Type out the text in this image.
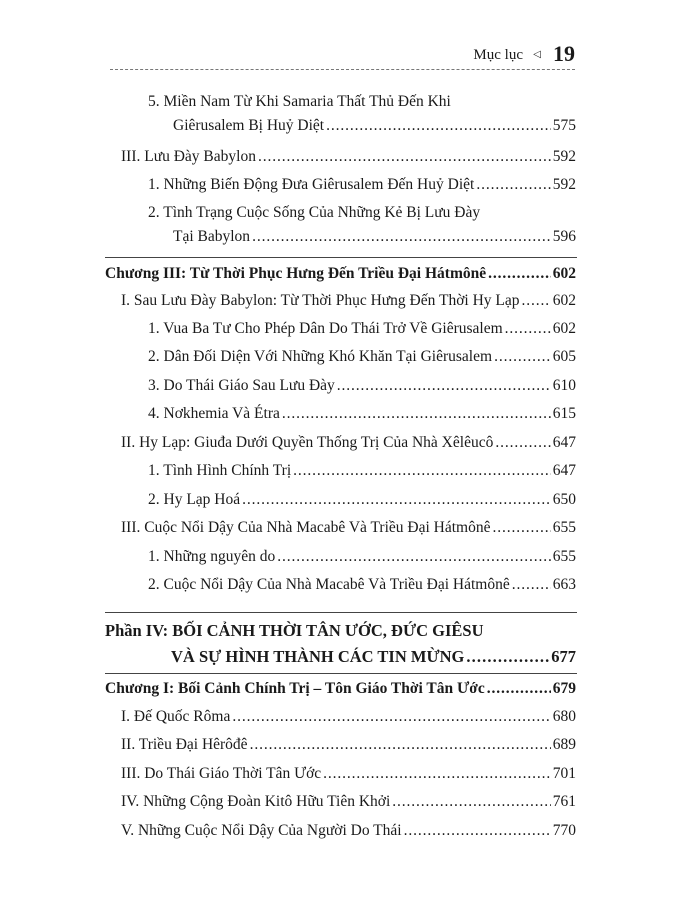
Mục lục ◁ 19
5. Miền Nam Từ Khi Samaria Thất Thủ Đến Khi
Giêrusalem Bị Huỷ Diệt . . .	575
III. Lưu Đày Babylon . . .	592
1. Những Biến Động Đưa Giêrusalem Đến Huỷ Diệt . . .	592
2. Tình Trạng Cuộc Sống Của Những Kẻ Bị Lưu Đày
Tại Babylon . . .	596
Chương III: Từ Thời Phục Hưng Đến Triều Đại Hátmônê . . .	602
I. Sau Lưu Đày Babylon: Từ Thời Phục Hưng Đến Thời Hy Lạp . . . 602
1. Vua Ba Tư Cho Phép Dân Do Thái Trở Về Giêrusalem . . .	602
2. Dân Đối Diện Với Những Khó Khăn Tại Giêrusalem . . .	605
3. Do Thái Giáo Sau Lưu Đày . . .	610
4. Nơkhemia Và Étra . . .	615
II. Hy Lạp: Giuđa Dưới Quyền Thống Trị Của Nhà Xêlêucô . . .	647
1. Tình Hình Chính Trị . . .	647
2. Hy Lạp Hoá . . .	650
III. Cuộc Nổi Dậy Của Nhà Macabê Và Triều Đại Hátmônê . . .	655
1. Những nguyên do . . .	655
2. Cuộc Nổi Dậy Của Nhà Macabê Và Triều Đại Hátmônê . . .	663
Phần IV: BỐI CẢNH THỜI TÂN ƯỚC, ĐỨC GIÊSU
VÀ SỰ HÌNH THÀNH CÁC TIN MỪNG . . .	677
Chương I: Bối Cảnh Chính Trị – Tôn Giáo Thời Tân Ước . . .	679
I. Đế Quốc Rôma . . .	680
II. Triều Đại Hêrôđê . . .	689
III. Do Thái Giáo Thời Tân Ước . . .	701
IV. Những Cộng Đoàn Kitô Hữu Tiên Khởi . . .	761
V. Những Cuộc Nổi Dậy Của Người Do Thái . . .	770
